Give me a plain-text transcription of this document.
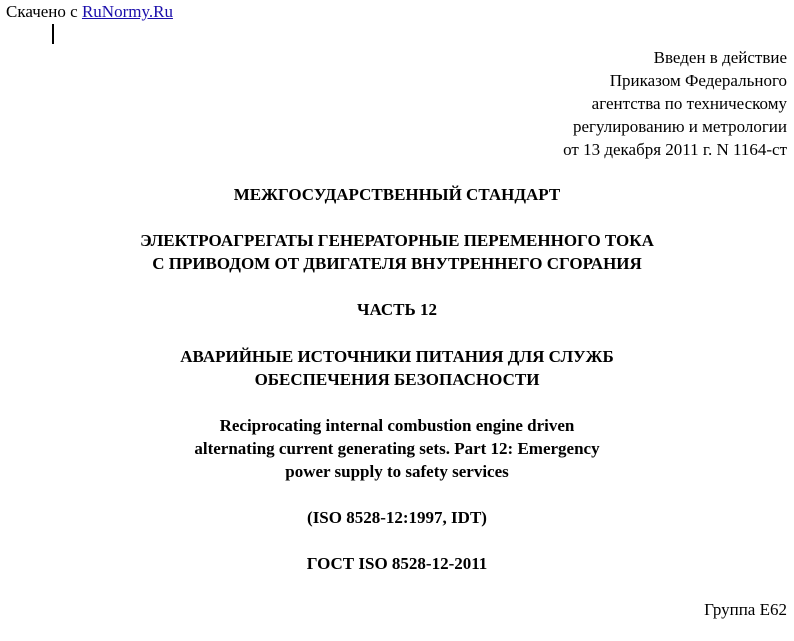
Скачено с RuNormy.Ru
Введен в действие
Приказом Федерального
агентства по техническому
регулированию и метрологии
от 13 декабря 2011 г. N 1164-ст
МЕЖГОСУДАРСТВЕННЫЙ СТАНДАРТ
ЭЛЕКТРОАГРЕГАТЫ ГЕНЕРАТОРНЫЕ ПЕРЕМЕННОГО ТОКА
С ПРИВОДОМ ОТ ДВИГАТЕЛЯ ВНУТРЕННЕГО СГОРАНИЯ
ЧАСТЬ 12
АВАРИЙНЫЕ ИСТОЧНИКИ ПИТАНИЯ ДЛЯ СЛУЖБ
ОБЕСПЕЧЕНИЯ БЕЗОПАСНОСТИ
Reciprocating internal combustion engine driven
alternating current generating sets. Part 12: Emergency
power supply to safety services
(ISO 8528-12:1997, IDT)
ГОСТ ISO 8528-12-2011
Группа Е62
